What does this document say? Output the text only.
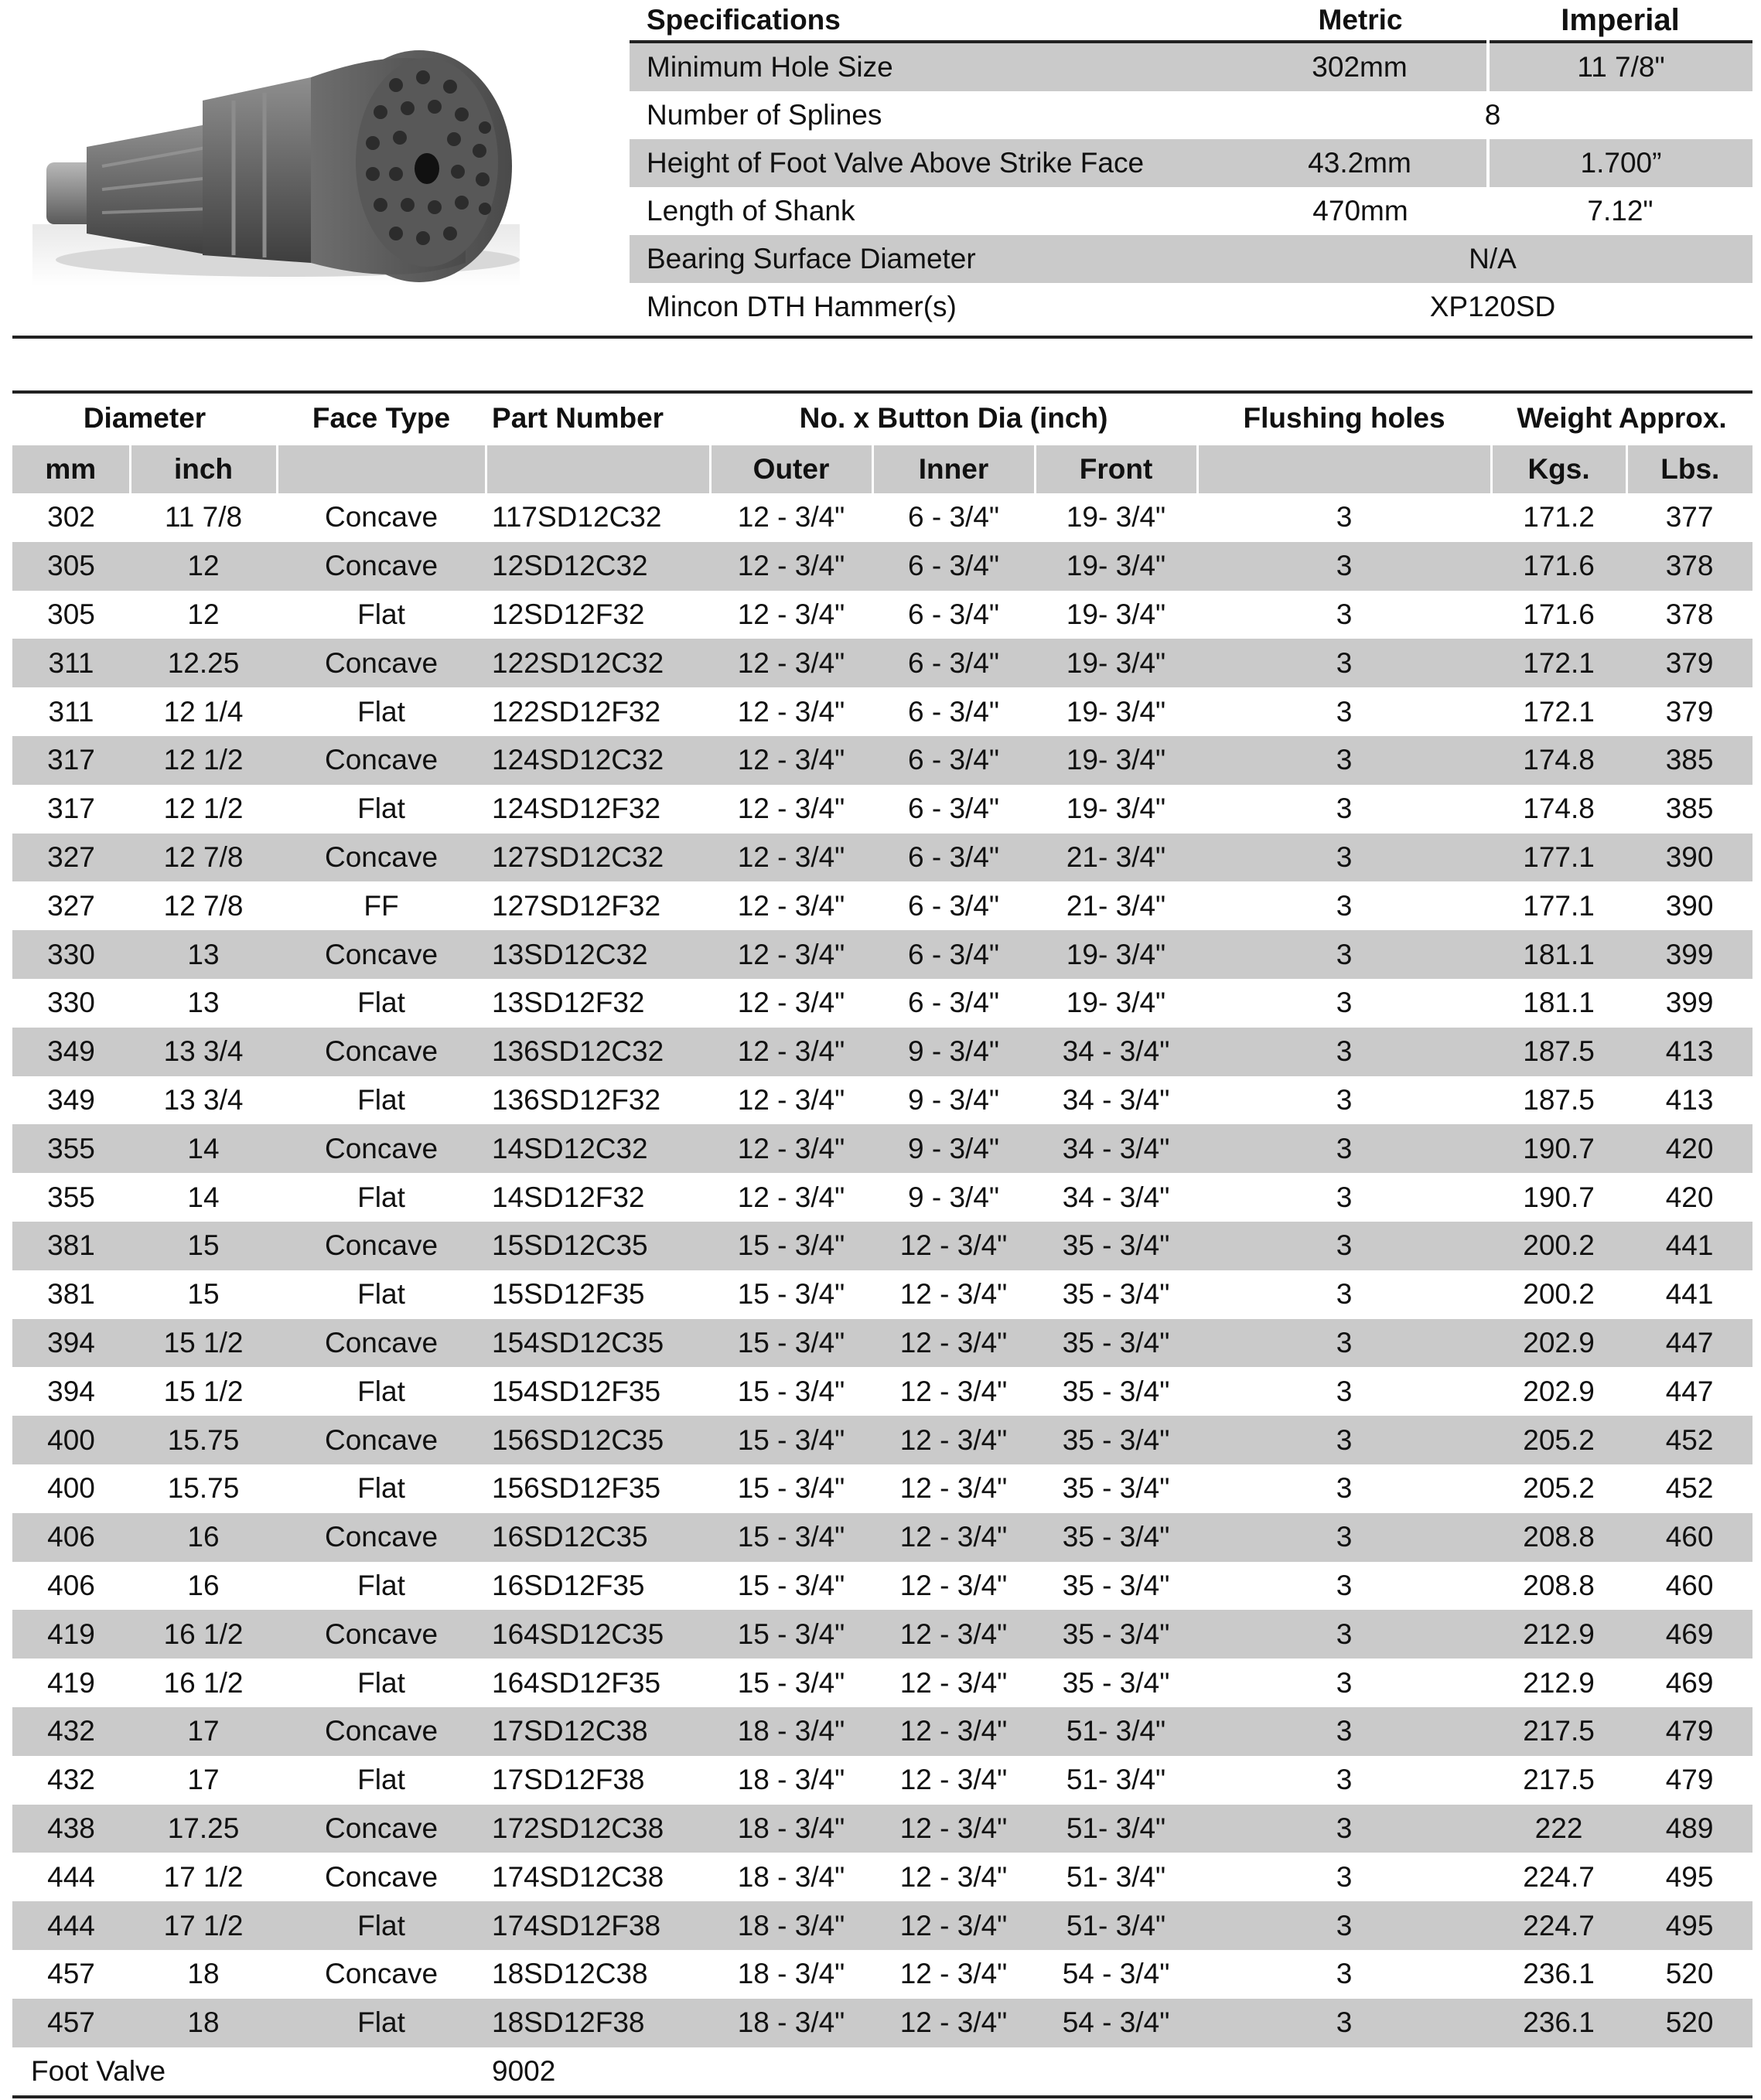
Specifications	Metric	Imperial
Minimum Hole Size	302mm	11 7/8"
Number of Splines	8	
Height of Foot Valve Above Strike Face	43.2mm	1.700”
Length of Shank	470mm	7.12"
Bearing Surface Diameter	N/A	
Mincon DTH Hammer(s)	XP120SD	
Diameter		Face Type	Part Number	No. x Button Dia (inch)			Flushing holes	Weight Approx.	
mm	inch			Outer	Inner	Front		Kgs.	Lbs.
302	11 7/8	Concave	117SD12C32	12 - 3/4"	6 - 3/4"	19- 3/4"	3	171.2	377
305	12	Concave	12SD12C32	12 - 3/4"	6 - 3/4"	19- 3/4"	3	171.6	378
305	12	Flat	12SD12F32	12 - 3/4"	6 - 3/4"	19- 3/4"	3	171.6	378
311	12.25	Concave	122SD12C32	12 - 3/4"	6 - 3/4"	19- 3/4"	3	172.1	379
311	12 1/4	Flat	122SD12F32	12 - 3/4"	6 - 3/4"	19- 3/4"	3	172.1	379
317	12 1/2	Concave	124SD12C32	12 - 3/4"	6 - 3/4"	19- 3/4"	3	174.8	385
317	12 1/2	Flat	124SD12F32	12 - 3/4"	6 - 3/4"	19- 3/4"	3	174.8	385
327	12 7/8	Concave	127SD12C32	12 - 3/4"	6 - 3/4"	21- 3/4"	3	177.1	390
327	12 7/8	FF	127SD12F32	12 - 3/4"	6 - 3/4"	21- 3/4"	3	177.1	390
330	13	Concave	13SD12C32	12 - 3/4"	6 - 3/4"	19- 3/4"	3	181.1	399
330	13	Flat	13SD12F32	12 - 3/4"	6 - 3/4"	19- 3/4"	3	181.1	399
349	13 3/4	Concave	136SD12C32	12 - 3/4"	9 - 3/4"	34 - 3/4"	3	187.5	413
349	13 3/4	Flat	136SD12F32	12 - 3/4"	9 - 3/4"	34 - 3/4"	3	187.5	413
355	14	Concave	14SD12C32	12 - 3/4"	9 - 3/4"	34 - 3/4"	3	190.7	420
355	14	Flat	14SD12F32	12 - 3/4"	9 - 3/4"	34 - 3/4"	3	190.7	420
381	15	Concave	15SD12C35	15 - 3/4"	12 - 3/4"	35 - 3/4"	3	200.2	441
381	15	Flat	15SD12F35	15 - 3/4"	12 - 3/4"	35 - 3/4"	3	200.2	441
394	15 1/2	Concave	154SD12C35	15 - 3/4"	12 - 3/4"	35 - 3/4"	3	202.9	447
394	15 1/2	Flat	154SD12F35	15 - 3/4"	12 - 3/4"	35 - 3/4"	3	202.9	447
400	15.75	Concave	156SD12C35	15 - 3/4"	12 - 3/4"	35 - 3/4"	3	205.2	452
400	15.75	Flat	156SD12F35	15 - 3/4"	12 - 3/4"	35 - 3/4"	3	205.2	452
406	16	Concave	16SD12C35	15 - 3/4"	12 - 3/4"	35 - 3/4"	3	208.8	460
406	16	Flat	16SD12F35	15 - 3/4"	12 - 3/4"	35 - 3/4"	3	208.8	460
419	16 1/2	Concave	164SD12C35	15 - 3/4"	12 - 3/4"	35 - 3/4"	3	212.9	469
419	16 1/2	Flat	164SD12F35	15 - 3/4"	12 - 3/4"	35 - 3/4"	3	212.9	469
432	17	Concave	17SD12C38	18 - 3/4"	12 - 3/4"	51- 3/4"	3	217.5	479
432	17	Flat	17SD12F38	18 - 3/4"	12 - 3/4"	51- 3/4"	3	217.5	479
438	17.25	Concave	172SD12C38	18 - 3/4"	12 - 3/4"	51- 3/4"	3	222	489
444	17 1/2	Concave	174SD12C38	18 - 3/4"	12 - 3/4"	51- 3/4"	3	224.7	495
444	17 1/2	Flat	174SD12F38	18 - 3/4"	12 - 3/4"	51- 3/4"	3	224.7	495
457	18	Concave	18SD12C38	18 - 3/4"	12 - 3/4"	54 - 3/4"	3	236.1	520
457	18	Flat	18SD12F38	18 - 3/4"	12 - 3/4"	54 - 3/4"	3	236.1	520
Foot Valve			9002						
